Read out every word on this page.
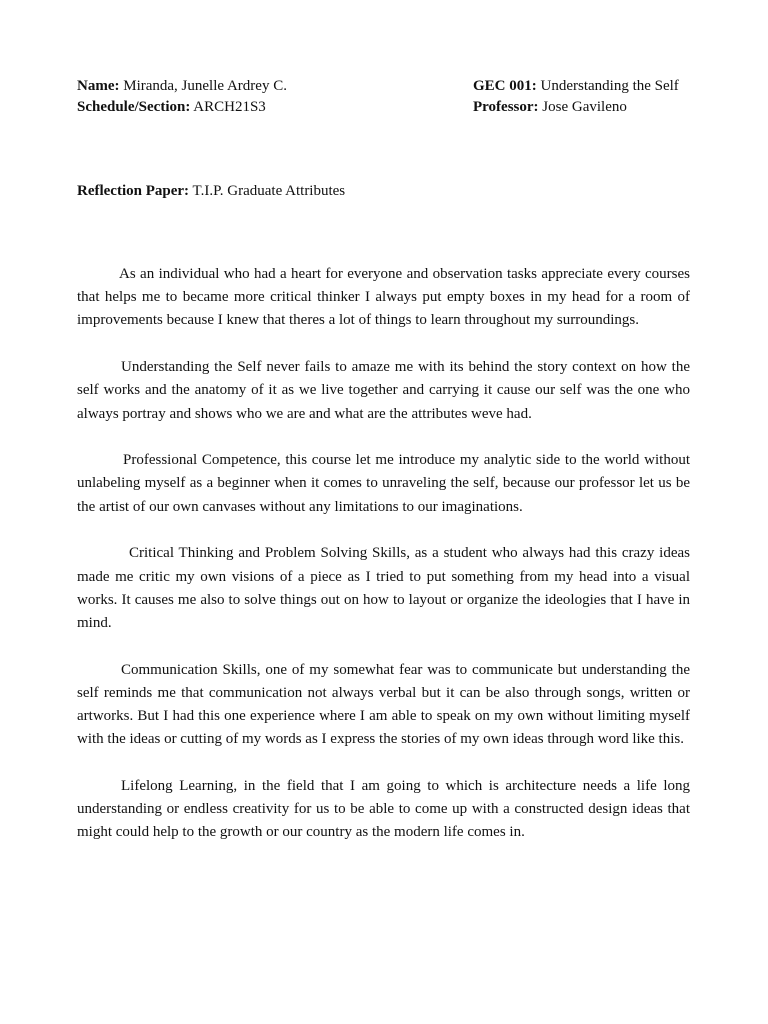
Name: Miranda, Junelle Ardrey C.
Schedule/Section: ARCH21S3
GEC 001: Understanding the Self
Professor: Jose Gavileno
Reflection Paper: T.I.P. Graduate Attributes

As an individual who had a heart for everyone and observation tasks appreciate every courses that helps me to became more critical thinker I always put empty boxes in my head for a room of improvements because I knew that theres a lot of things to learn throughout my surroundings.

Understanding the Self never fails to amaze me with its behind the story context on how the self works and the anatomy of it as we live together and carrying it cause our self was the one who always portray and shows who we are and what are the attributes weve had.

Professional Competence, this course let me introduce my analytic side to the world without unlabeling myself as a beginner when it comes to unraveling the self, because our professor let us be the artist of our own canvases without any limitations to our imaginations.

Critical Thinking and Problem Solving Skills, as a student who always had this crazy ideas made me critic my own visions of a piece as I tried to put something from my head into a visual works. It causes me also to solve things out on how to layout or organize the ideologies that I have in mind.

Communication Skills, one of my somewhat fear was to communicate but understanding the self reminds me that communication not always verbal but it can be also through songs, written or artworks. But I had this one experience where I am able to speak on my own without limiting myself with the ideas or cutting of my words as I express the stories of my own ideas through word like this.

Lifelong Learning, in the field that I am going to which is architecture needs a life long understanding or endless creativity for us to be able to come up with a constructed design ideas that might could help to the growth or our country as the modern life comes in.
